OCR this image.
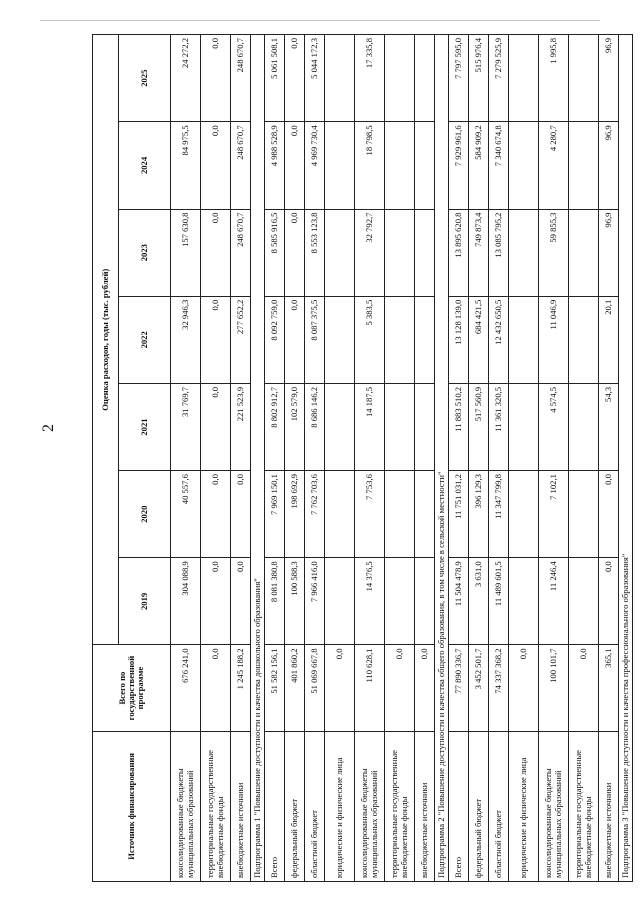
2
Источник финансирования	Всего по государственной программе	Оценка расходов, годы (тыс. рублей)						
		2019	2020	2021	2022	2023	2024	2025
консолидированные бюджеты муниципальных образований	676 241,0	304 088,9	40 557,6	31 769,7	32 946,3	157 630,8	84 975,5	24 272,2
территориальные государственные внебюджетные фонды	0,0	0,0	0,0	0,0	0,0	0,0	0,0	0,0
внебюджетные источники	1 245 188,2	0,0	0,0	221 523,9	277 652,2	248 670,7	248 670,7	248 670,7
Подпрограмма 1 "Повышение доступности и качества дошкольного образования"								
Всего	51 582 156,1	8 081 380,8	7 969 150,1	8 802 912,7	8 092 759,0	8 585 916,5	4 988 528,9	5 061 508,1
федеральный бюджет	401 860,2	100 588,3	198 692,9	102 579,0	0,0	0,0	0,0	0,0
областной бюджет	51 069 667,8	7 966 416,0	7 762 703,6	8 686 146,2	8 087 375,5	8 553 123,8	4 969 730,4	5 044 172,3
юридические и физические лица	0,0							
консолидированные бюджеты муниципальных образований	110 628,1	14 376,5	7 753,6	14 187,5	5 383,5	32 792,7	18 798,5	17 335,8
территориальные государственные внебюджетные фонды	0,0							
внебюджетные источники	0,0							
Подпрограмма 2 "Повышение доступности и качества общего образования, в том числе в сельской местности"								
Всего	77 890 336,7	11 504 478,9	11 751 031,2	11 883 510,2	13 128 139,0	13 895 620,8	7 929 961,6	7 797 595,0
федеральный бюджет	3 452 501,7	3 631,0	396 129,3	517 560,9	684 421,5	749 873,4	584 909,2	515 976,4
областной бюджет	74 337 368,2	11 489 601,5	11 347 799,8	11 361 320,5	12 432 650,5	13 085 795,2	7 340 674,8	7 279 525,9
юридические и физические лица	0,0							
консолидированные бюджеты муниципальных образований	100 101,7	11 246,4	7 102,1	4 574,5	11 046,9	59 855,3	4 280,7	1 995,8
территориальные государственные внебюджетные фонды	0,0							
внебюджетные источники	365,1	0,0	0,0	54,3	20,1	96,9	96,9	96,9
Подпрограмма 3 "Повышение доступности и качества профессионального образования"								
